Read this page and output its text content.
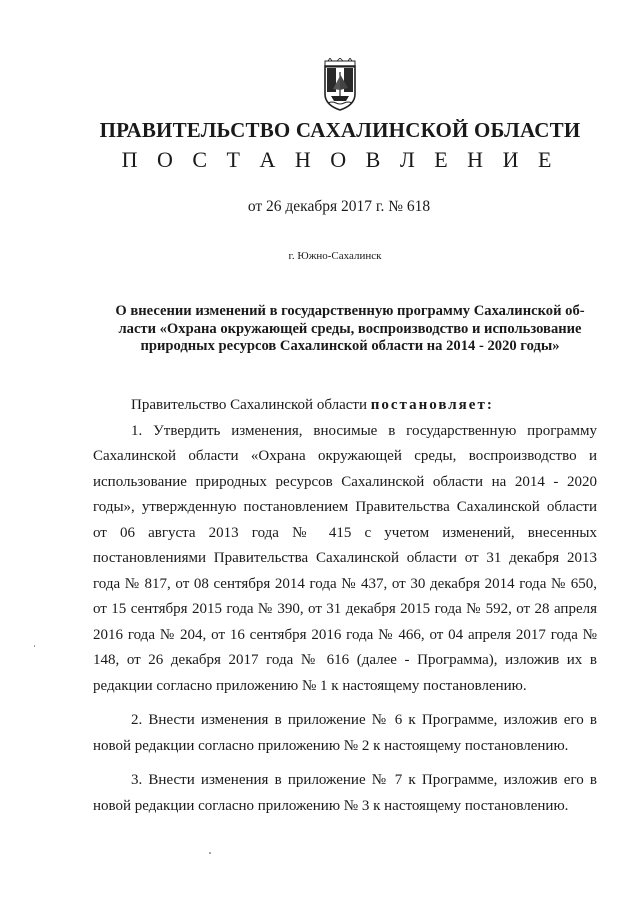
ПРАВИТЕЛЬСТВО САХАЛИНСКОЙ ОБЛАСТИ
П О С Т А Н О В Л Е Н И Е
от 26 декабря 2017 г. № 618
г. Южно-Сахалинск
О внесении изменений в государственную программу Сахалинской об-
ласти «Охрана окружающей среды, воспроизводство и использование
природных ресурсов Сахалинской области на 2014 - 2020 годы»

Правительство Сахалинской области постановляет:

1. Утвердить изменения, вносимые в государственную программу Сахалинской области «Охрана окружающей среды, воспроизводство и использование природных ресурсов Сахалинской области на 2014 - 2020 годы», утвержденную постановлением Правительства Сахалинской области от 06 августа 2013 года № 415 с учетом изменений, внесенных постановлениями Правительства Сахалинской области от 31 декабря 2013 года № 817, от 08 сентября 2014 года № 437, от 30 декабря 2014 года № 650, от 15 сентября 2015 года № 390, от 31 декабря 2015 года № 592, от 28 апреля 2016 года № 204, от 16 сентября 2016 года № 466, от 04 апреля 2017 года № 148, от 26 декабря 2017 года № 616 (далее - Программа), изложив их в редакции согласно приложению № 1 к настоящему постановлению.

2. Внести изменения в приложение № 6 к Программе, изложив его в новой редакции согласно приложению № 2 к настоящему постановлению.

3. Внести изменения в приложение № 7 к Программе, изложив его в новой редакции согласно приложению № 3 к настоящему постановлению.
